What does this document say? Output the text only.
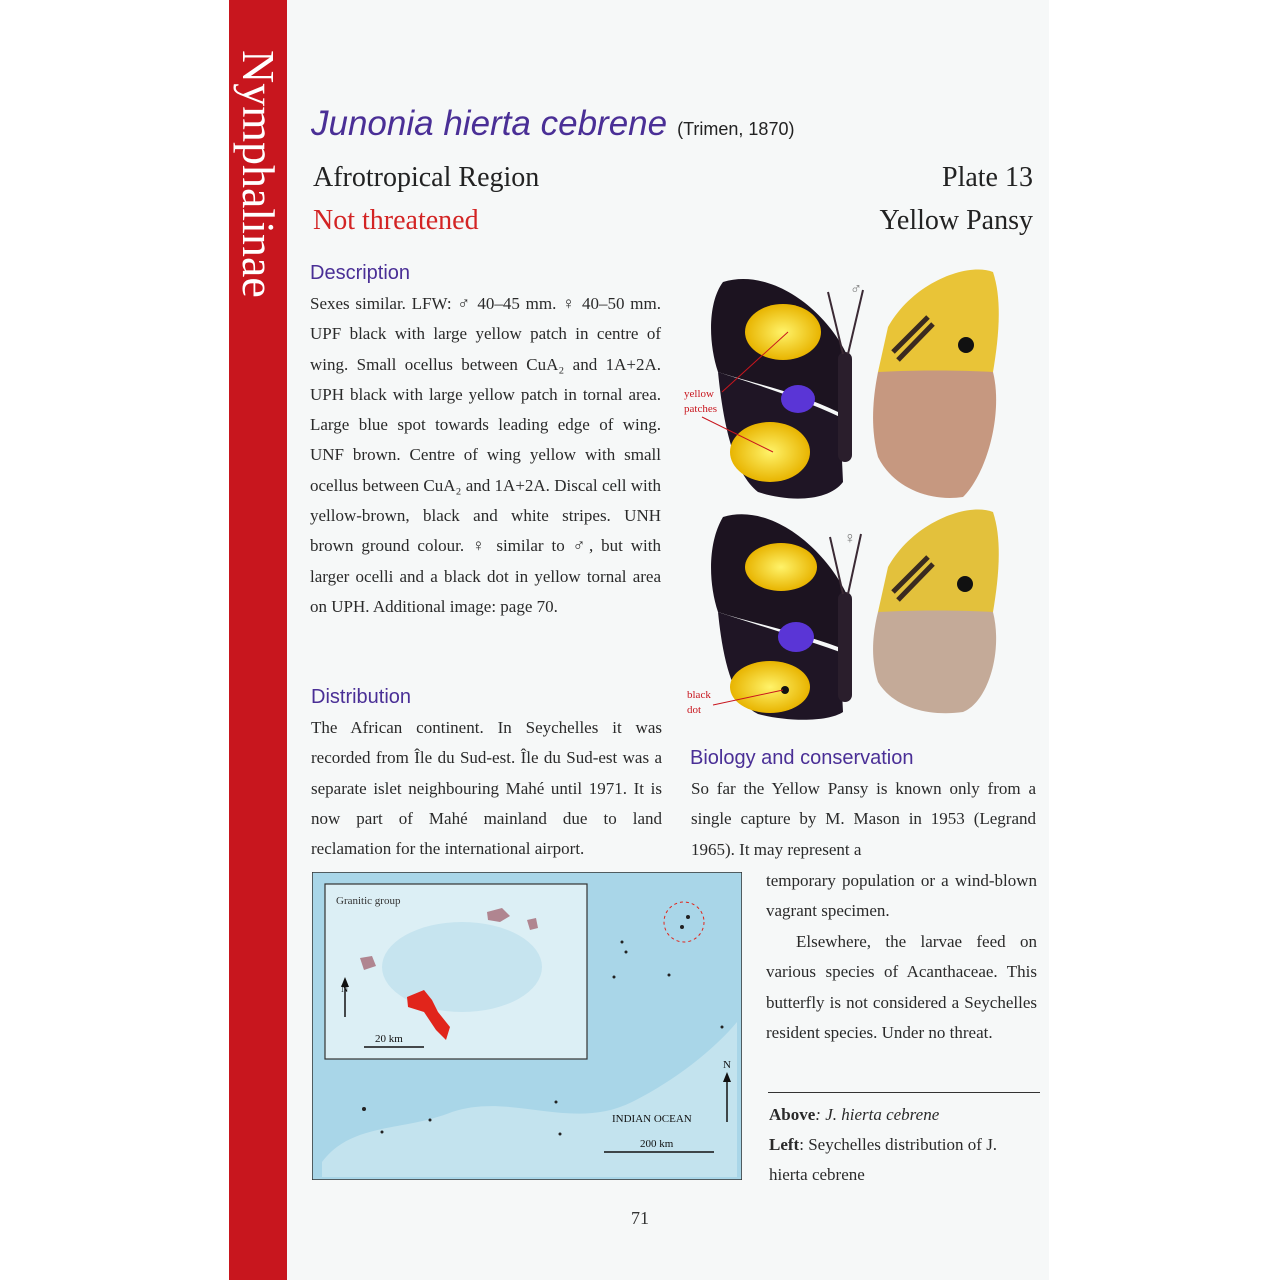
Nymphalinae Junonia hierta cebrene (Trimen, 1870)
Afrotropical Region
Not threatened
Plate 13
Yellow Pansy
Description
Sexes similar. LFW: ♂ 40–45 mm. ♀ 40–50 mm. UPF black with large yellow patch in centre of wing. Small ocellus between CuA₂ and 1A+2A. UPH black with large yellow patch in tornal area. Large blue spot towards leading edge of wing. UNF brown. Centre of wing yellow with small ocellus between CuA₂ and 1A+2A. Discal cell with yellow-brown, black and white stripes. UNH brown ground colour. ♀ similar to ♂, but with larger ocelli and a black dot in yellow tornal area on UPH. Additional image: page 70.
Distribution
The African continent. In Seychelles it was recorded from Île du Sud-est. Île du Sud-est was a separate islet neighbouring Mahé until 1971. It is now part of Mahé mainland due to land reclamation for the international airport.
Biology and conservation
So far the Yellow Pansy is known only from a single capture by M. Mason in 1953 (Legrand 1965). It may represent a
temporary population or a wind-blown vagrant specimen.
Elsewhere, the larvae feed on various species of Acanthaceae. This butterfly is not considered a Seychelles resident species. Under no threat.
♂
♀
yellow
patches
black
dot
Granitic group
N
20 km
N
INDIAN OCEAN
200 km
Above: J. hierta cebrene
Left: Seychelles distribution of J. hierta cebrene
71
